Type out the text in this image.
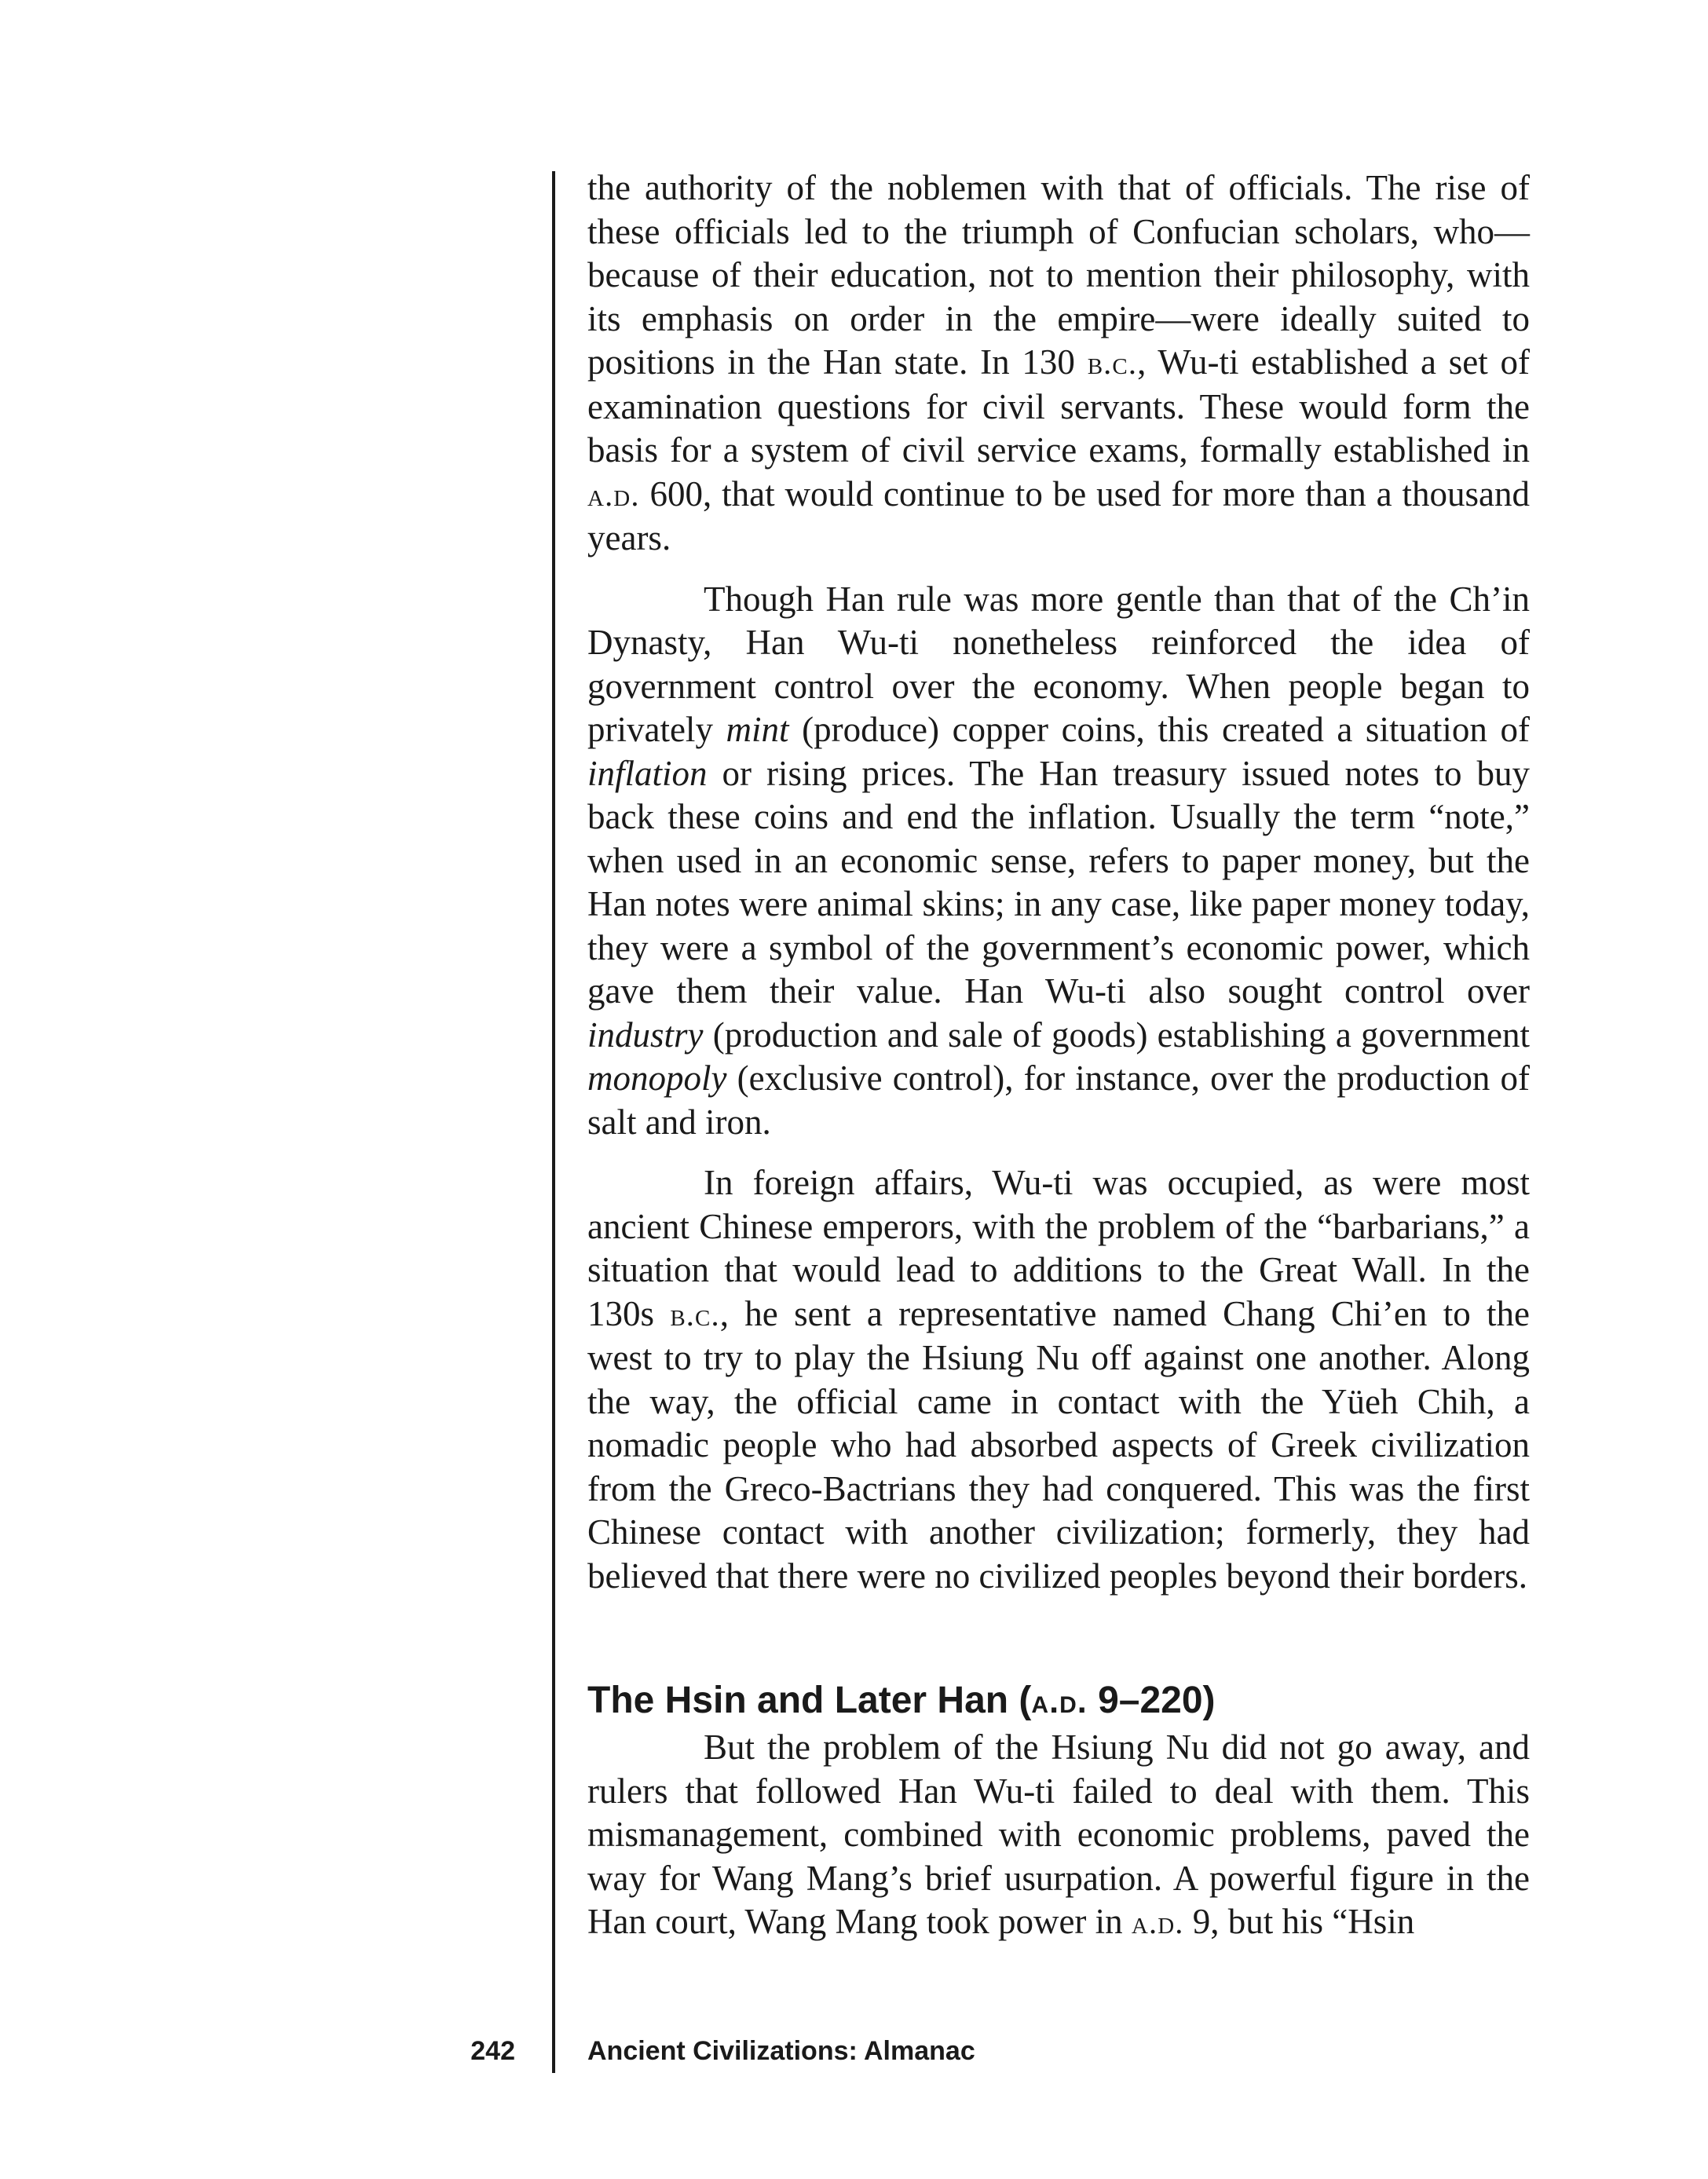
the authority of the noblemen with that of officials. The rise of these officials led to the triumph of Confucian scholars, who—because of their education, not to mention their philosophy, with its emphasis on order in the empire—were ideally suited to positions in the Han state. In 130 b.c., Wu-ti established a set of examination questions for civil servants. These would form the basis for a system of civil service exams, formally established in a.d. 600, that would continue to be used for more than a thousand years.

Though Han rule was more gentle than that of the Ch’in Dynasty, Han Wu-ti nonetheless reinforced the idea of government control over the economy. When people began to privately mint (produce) copper coins, this created a situation of inflation or rising prices. The Han treasury issued notes to buy back these coins and end the inflation. Usually the term “note,” when used in an economic sense, refers to paper money, but the Han notes were animal skins; in any case, like paper money today, they were a symbol of the government’s economic power, which gave them their value. Han Wu-ti also sought control over industry (production and sale of goods) establishing a government monopoly (exclusive control), for instance, over the production of salt and iron.

In foreign affairs, Wu-ti was occupied, as were most ancient Chinese emperors, with the problem of the “barbarians,” a situation that would lead to additions to the Great Wall. In the 130s b.c., he sent a representative named Chang Chi’en to the west to try to play the Hsiung Nu off against one another. Along the way, the official came in contact with the Yüeh Chih, a nomadic people who had absorbed aspects of Greek civilization from the Greco-Bactrians they had conquered. This was the first Chinese contact with another civilization; formerly, they had believed that there were no civilized peoples beyond their borders.

The Hsin and Later Han (a.d. 9–220)

But the problem of the Hsiung Nu did not go away, and rulers that followed Han Wu-ti failed to deal with them. This mismanagement, combined with economic problems, paved the way for Wang Mang’s brief usurpation. A powerful figure in the Han court, Wang Mang took power in a.d. 9, but his “Hsin

242	Ancient Civilizations: Almanac
